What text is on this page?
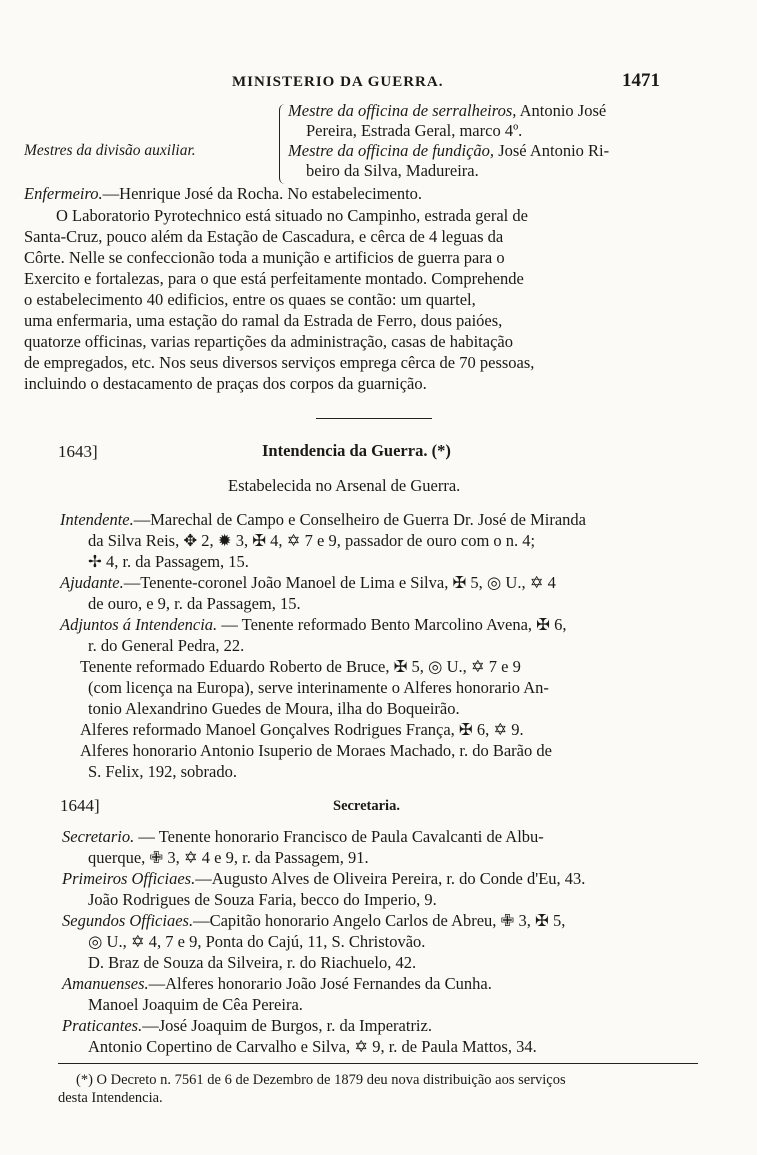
MINISTERIO DA GUERRA.	1471
Mestres da divisão auxiliar.
Mestre da officina de serralheiros, Antonio José
Pereira, Estrada Geral, marco 4º.
Mestre da officina de fundição, José Antonio Ri-
beiro da Silva, Madureira.
Enfermeiro.—Henrique José da Rocha. No estabelecimento.
O Laboratorio Pyrotechnico está situado no Campinho, estrada geral de
Santa-Cruz, pouco além da Estação de Cascadura, e cêrca de 4 leguas da
Côrte. Nelle se confeccionão toda a munição e artificios de guerra para o
Exercito e fortalezas, para o que está perfeitamente montado. Comprehende
o estabelecimento 40 edificios, entre os quaes se contão: um quartel,
uma enfermaria, uma estação do ramal da Estrada de Ferro, dous paióes,
quatorze officinas, varias repartições da administração, casas de habitação
de empregados, etc. Nos seus diversos serviços emprega cêrca de 70 pessoas,
incluindo o destacamento de praças dos corpos da guarnição.
1643]	Intendencia da Guerra. (*)
Estabelecida no Arsenal de Guerra.
Intendente.—Marechal de Campo e Conselheiro de Guerra Dr. José de Miranda
da Silva Reis, ✥ 2, ✹ 3, ✠ 4, ✡ 7 e 9, passador de ouro com o n. 4;
✢ 4, r. da Passagem, 15.
Ajudante.—Tenente-coronel João Manoel de Lima e Silva, ✠ 5, ◎ U., ✡ 4
de ouro, e 9, r. da Passagem, 15.
Adjuntos á Intendencia. — Tenente reformado Bento Marcolino Avena, ✠ 6,
r. do General Pedra, 22.
Tenente reformado Eduardo Roberto de Bruce, ✠ 5, ◎ U., ✡ 7 e 9
(com licença na Europa), serve interinamente o Alferes honorario An-
tonio Alexandrino Guedes de Moura, ilha do Boqueirão.
Alferes reformado Manoel Gonçalves Rodrigues França, ✠ 6, ✡ 9.
Alferes honorario Antonio Isuperio de Moraes Machado, r. do Barão de
S. Felix, 192, sobrado.
1644]	Secretaria.
Secretario. — Tenente honorario Francisco de Paula Cavalcanti de Albu-
querque, ✙ 3, ✡ 4 e 9, r. da Passagem, 91.
Primeiros Officiaes.—Augusto Alves de Oliveira Pereira, r. do Conde d'Eu, 43.
João Rodrigues de Souza Faria, becco do Imperio, 9.
Segundos Officiaes.—Capitão honorario Angelo Carlos de Abreu, ✙ 3, ✠ 5,
◎ U., ✡ 4, 7 e 9, Ponta do Cajú, 11, S. Christovão.
D. Braz de Souza da Silveira, r. do Riachuelo, 42.
Amanuenses.—Alferes honorario João José Fernandes da Cunha.
Manoel Joaquim de Cêa Pereira.
Praticantes.—José Joaquim de Burgos, r. da Imperatriz.
Antonio Copertino de Carvalho e Silva, ✡ 9, r. de Paula Mattos, 34.
(*) O Decreto n. 7561 de 6 de Dezembro de 1879 deu nova distribuição aos serviços
desta Intendencia.
